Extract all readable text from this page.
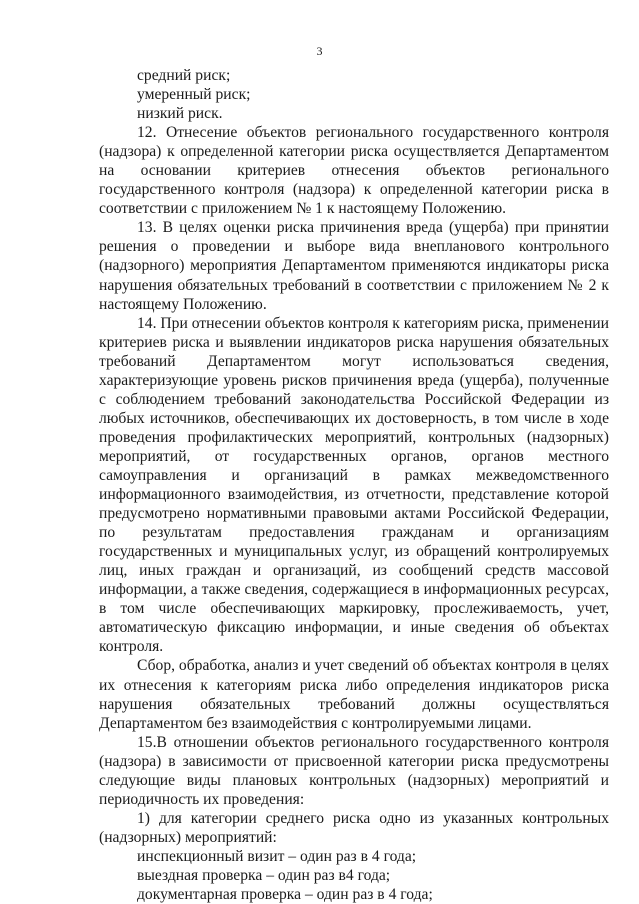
3
средний риск;
умеренный риск;
низкий риск.

12. Отнесение объектов регионального государственного контроля (надзора) к определенной категории риска осуществляется Департаментом на основании критериев отнесения объектов регионального государственного контроля (надзора) к определенной категории риска в соответствии с приложением № 1 к настоящему Положению.

13. В целях оценки риска причинения вреда (ущерба) при принятии решения о проведении и выборе вида внепланового контрольного (надзорного) мероприятия Департаментом применяются индикаторы риска нарушения обязательных требований в соответствии с приложением № 2 к настоящему Положению.

14. При отнесении объектов контроля к категориям риска, применении критериев риска и выявлении индикаторов риска нарушения обязательных требований Департаментом могут использоваться сведения, характеризующие уровень рисков причинения вреда (ущерба), полученные с соблюдением требований законодательства Российской Федерации из любых источников, обеспечивающих их достоверность, в том числе в ходе проведения профилактических мероприятий, контрольных (надзорных) мероприятий, от государственных органов, органов местного самоуправления и организаций в рамках межведомственного информационного взаимодействия, из отчетности, представление которой предусмотрено нормативными правовыми актами Российской Федерации, по результатам предоставления гражданам и организациям государственных и муниципальных услуг, из обращений контролируемых лиц, иных граждан и организаций, из сообщений средств массовой информации, а также сведения, содержащиеся в информационных ресурсах, в том числе обеспечивающих маркировку, прослеживаемость, учет, автоматическую фиксацию информации, и иные сведения об объектах контроля.

Сбор, обработка, анализ и учет сведений об объектах контроля в целях их отнесения к категориям риска либо определения индикаторов риска нарушения обязательных требований должны осуществляться Департаментом без взаимодействия с контролируемыми лицами.

15.В отношении объектов регионального государственного контроля (надзора) в зависимости от присвоенной категории риска предусмотрены следующие виды плановых контрольных (надзорных) мероприятий и периодичность их проведения:

1) для категории среднего риска одно из указанных контрольных (надзорных) мероприятий:

инспекционный визит – один раз в 4 года;
выездная проверка – один раз в4 года;
документарная проверка – один раз в 4 года;
